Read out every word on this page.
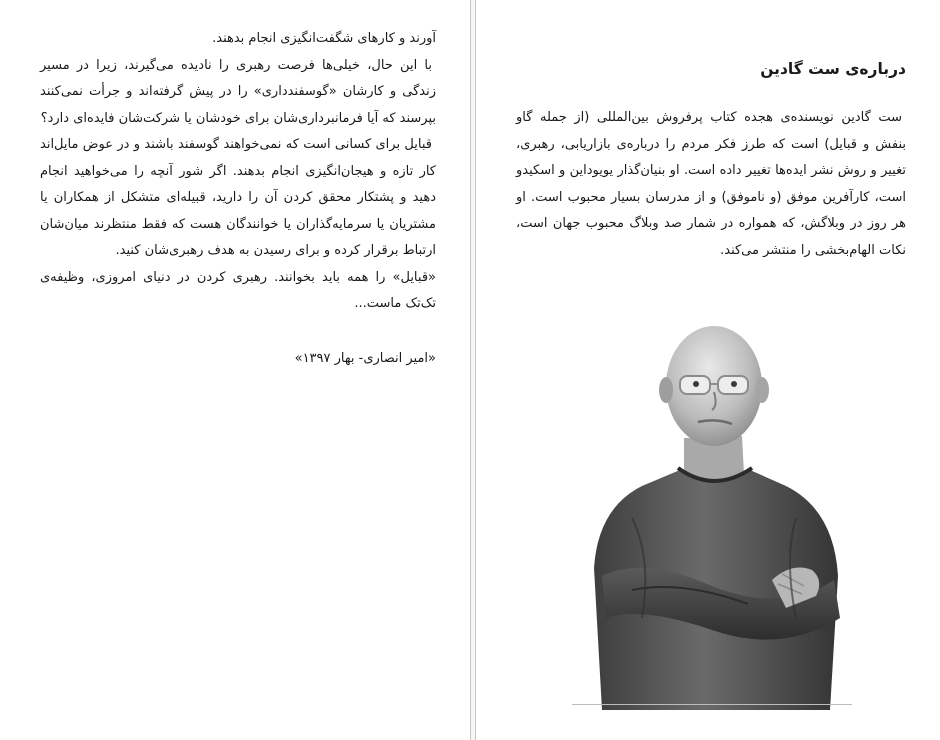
آورند و کارهای شگفت‌انگیزی انجام بدهند.

با این حال، خیلی‌ها فرصت رهبری را نادیده می‌گیرند، زیرا در مسیر زندگی و کارشان «گوسفندداری» را در پیش گرفته‌اند و جرأت نمی‌کنند بپرسند که آیا فرمانبرداری‌شان برای خودشان یا شرکت‌شان فایده‌ای دارد؟

قبایل برای کسانی است که نمی‌خواهند گوسفند باشند و در عوض مایل‌اند کار تازه و هیجان‌انگیزی انجام بدهند. اگر شور آنچه را می‌خواهید انجام دهید و پشتکار محقق کردن آن را دارید، قبیله‌ای متشکل از همکاران یا مشتریان یا سرمایه‌گذاران یا خوانندگان هست که فقط منتظرند میان‌شان ارتباط برقرار کرده و برای رسیدن به هدف رهبری‌شان کنید.

«قبایل» را همه باید بخوانند. رهبری کردن در دنیای امروزی، وظیفه‌ی تک‌تک ماست...

«امیر انصاری- بهار ۱۳۹۷»
درباره‌ی ست گادین

ست گادین نویسنده‌ی هجده کتاب پرفروش بین‌المللی (از جمله گاو بنفش و قبایل) است که طرز فکر مردم را درباره‌ی بازاریابی، رهبری، تغییر و روش نشر ایده‌ها تغییر داده است. او بنیان‌گذار یویوداین و اسکیدو است، کارآفرین موفق (و ناموفق) و از مدرسان بسیار محبوب است. او هر روز در وبلاگش، که همواره در شمار صد وبلاگ محبوب جهان است، نکات الهام‌بخشی را منتشر می‌کند.
